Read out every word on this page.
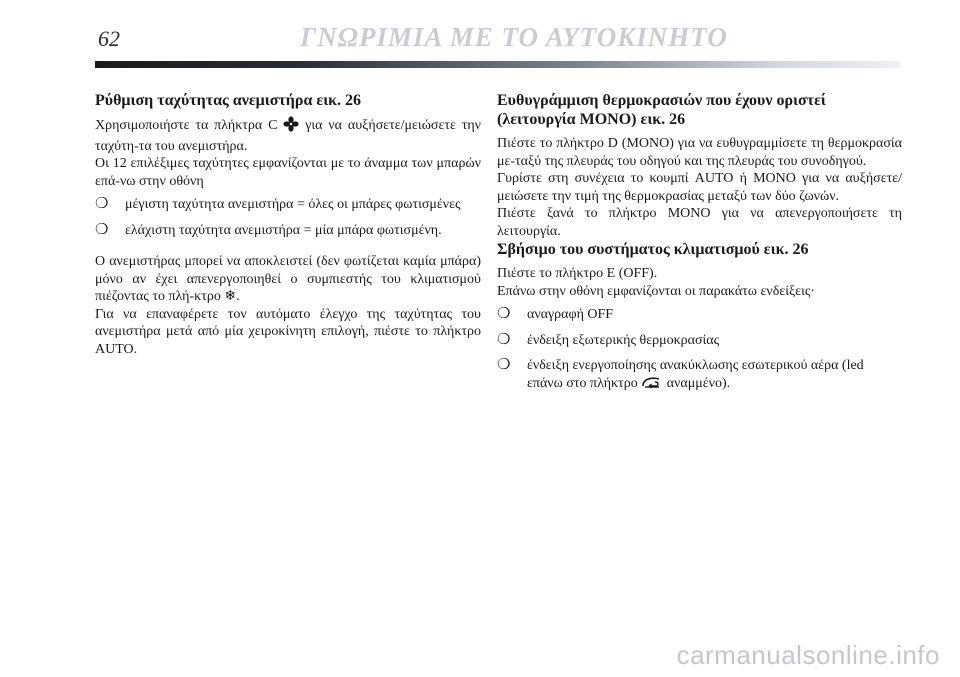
62	ΓΝΩΡΙΜΙΑ ΜΕ ΤΟ ΑΥΤΟΚΙΝΗΤΟ
Ρύθμιση ταχύτητας ανεμιστήρα εικ. 26

Χρησιμοποιήστε τα πλήκτρα C για να αυξήσετε/μειώσετε την ταχύτη-τα του ανεμιστήρα.

Οι 12 επιλέξιμες ταχύτητες εμφανίζονται με το άναμμα των μπαρών επά-νω στην οθόνη

❍ μέγιστη ταχύτητα ανεμιστήρα = όλες οι μπάρες φωτισμένες
❍ ελάχιστη ταχύτητα ανεμιστήρα = μία μπάρα φωτισμένη.

Ο ανεμιστήρας μπορεί να αποκλειστεί (δεν φωτίζεται καμία μπάρα) μόνο αν έχει απενεργοποιηθεί ο συμπιεστής του κλιματισμού πιέζοντας το πλή-κτρο ❄.

Για να επαναφέρετε τον αυτόματο έλεγχο της ταχύτητας του ανεμιστήρα μετά από μία χειροκίνητη επιλογή, πιέστε το πλήκτρο AUTO.

Ευθυγράμμιση θερμοκρασιών που έχουν οριστεί (λειτουργία MONO) εικ. 26

Πιέστε το πλήκτρο D (MONO) για να ευθυγραμμίσετε τη θερμοκρασία με-ταξύ της πλευράς του οδηγού και της πλευράς του συνοδηγού.

Γυρίστε στη συνέχεια το κουμπί AUTO ή MONO για να αυξήσετε/μειώσετε την τιμή της θερμοκρασίας μεταξύ των δύο ζωνών.

Πιέστε ξανά το πλήκτρο MONO για να απενεργοποιήσετε τη λειτουργία.

Σβήσιμο του συστήματος κλιματισμού εικ. 26

Πιέστε το πλήκτρο E (OFF).

Επάνω στην οθόνη εμφανίζονται οι παρακάτω ενδείξεις·

❍ αναγραφή OFF
❍ ένδειξη εξωτερικής θερμοκρασίας
❍ ένδειξη ενεργοποίησης ανακύκλωσης εσωτερικού αέρα (led επάνω στο πλήκτρο αναμμένο).
carmanualsonline.info
